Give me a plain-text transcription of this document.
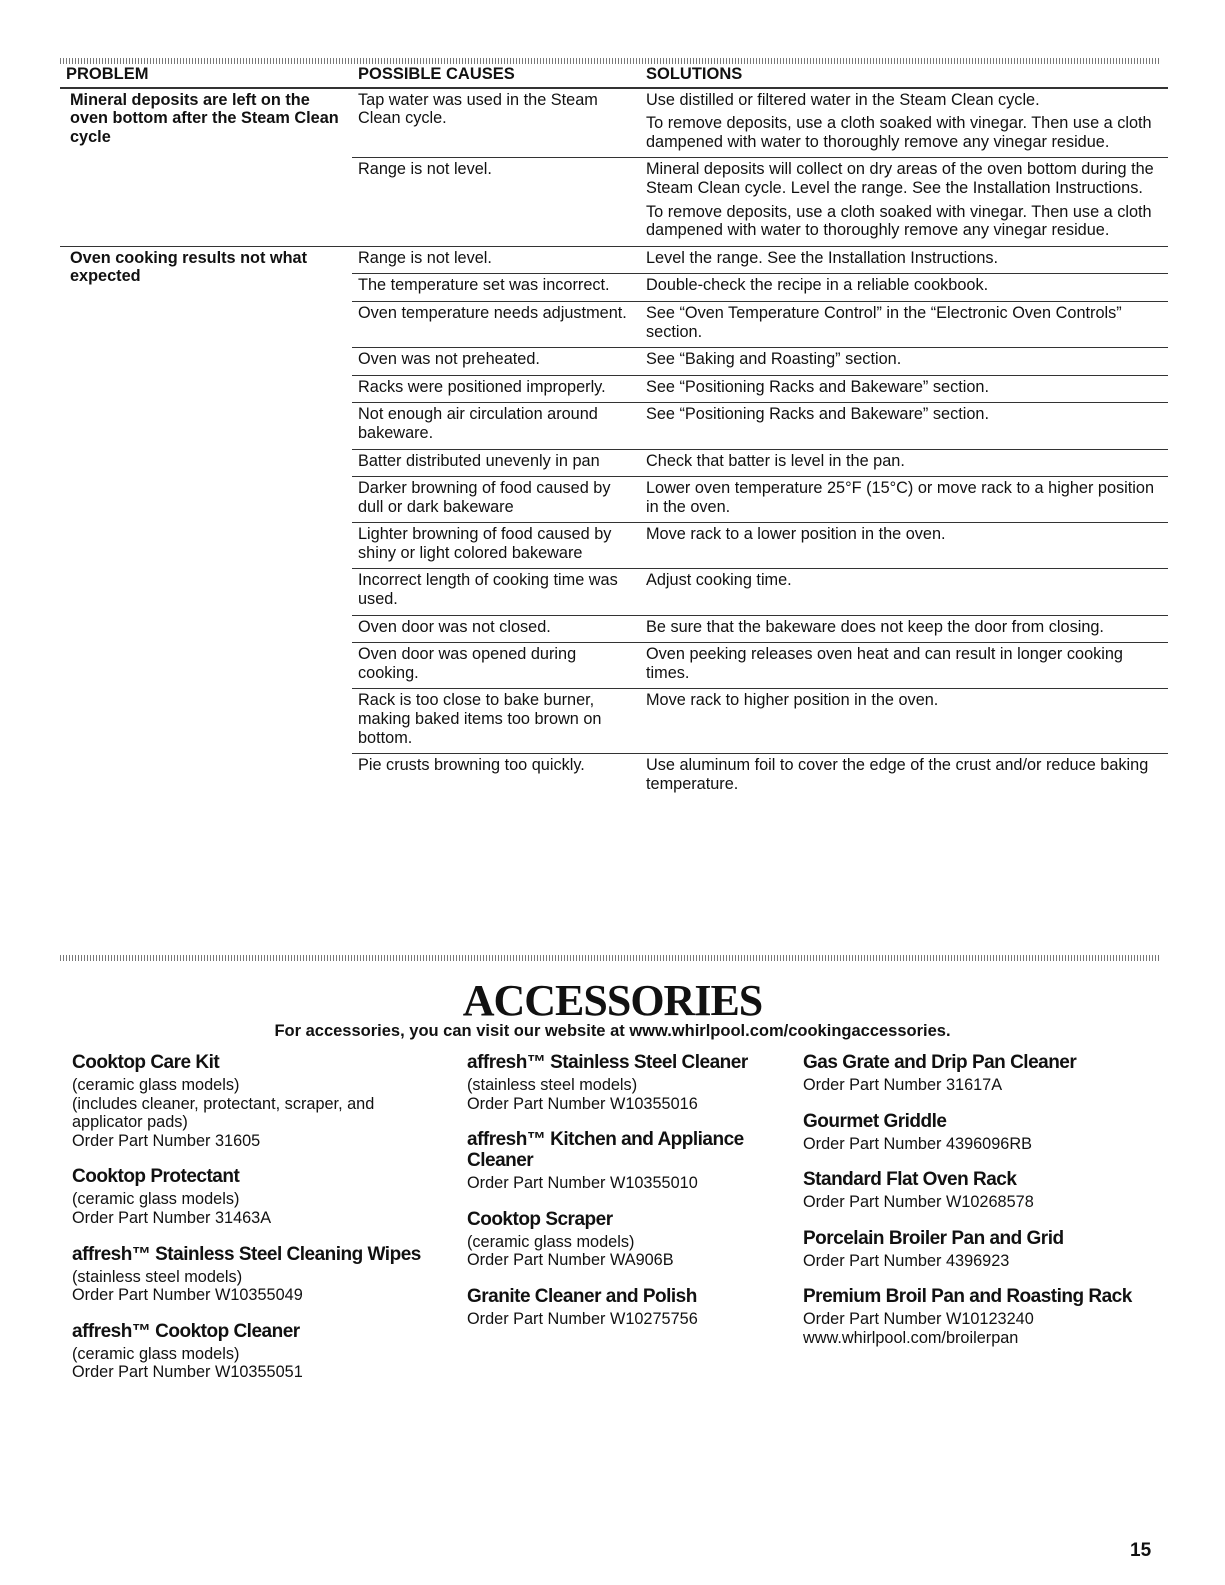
PROBLEM	POSSIBLE CAUSES	SOLUTIONS
Mineral deposits are left on the oven bottom after the Steam Clean cycle	Tap water was used in the Steam Clean cycle.	Use distilled or filtered water in the Steam Clean cycle.

To remove deposits, use a cloth soaked with vinegar. Then use a cloth dampened with water to thoroughly remove any vinegar residue.

	Range is not level.	Mineral deposits will collect on dry areas of the oven bottom during the Steam Clean cycle. Level the range. See the Installation Instructions.

To remove deposits, use a cloth soaked with vinegar. Then use a cloth dampened with water to thoroughly remove any vinegar residue.

Oven cooking results not what expected	Range is not level.	Level the range. See the Installation Instructions.

	The temperature set was incorrect.	Double-check the recipe in a reliable cookbook.

	Oven temperature needs adjustment.	See “Oven Temperature Control” in the “Electronic Oven Controls” section.

	Oven was not preheated.	See “Baking and Roasting” section.

	Racks were positioned improperly.	See “Positioning Racks and Bakeware” section.

	Not enough air circulation around bakeware.	See “Positioning Racks and Bakeware” section.

	Batter distributed unevenly in pan	Check that batter is level in the pan.

	Darker browning of food caused by dull or dark bakeware	Lower oven temperature 25°F (15°C) or move rack to a higher position in the oven.

	Lighter browning of food caused by shiny or light colored bakeware	Move rack to a lower position in the oven.

	Incorrect length of cooking time was used.	Adjust cooking time.

	Oven door was not closed.	Be sure that the bakeware does not keep the door from closing.

	Oven door was opened during cooking.	Oven peeking releases oven heat and can result in longer cooking times.

	Rack is too close to bake burner, making baked items too brown on bottom.	Move rack to higher position in the oven.

	Pie crusts browning too quickly.	Use aluminum foil to cover the edge of the crust and/or reduce baking temperature.

ACCESSORIES
For accessories, you can visit our website at www.whirlpool.com/cookingaccessories.
Cooktop Care Kit
(ceramic glass models)
(includes cleaner, protectant, scraper, and applicator pads)
Order Part Number 31605
Cooktop Protectant
(ceramic glass models)
Order Part Number 31463A
affresh™ Stainless Steel Cleaning Wipes
(stainless steel models)
Order Part Number W10355049
affresh™ Cooktop Cleaner
(ceramic glass models)
Order Part Number W10355051
affresh™ Stainless Steel Cleaner
(stainless steel models)
Order Part Number W10355016
affresh™ Kitchen and Appliance Cleaner
Order Part Number W10355010
Cooktop Scraper
(ceramic glass models)
Order Part Number WA906B
Granite Cleaner and Polish
Order Part Number W10275756
Gas Grate and Drip Pan Cleaner
Order Part Number 31617A
Gourmet Griddle
Order Part Number 4396096RB
Standard Flat Oven Rack
Order Part Number W10268578
Porcelain Broiler Pan and Grid
Order Part Number 4396923
Premium Broil Pan and Roasting Rack
Order Part Number W10123240
www.whirlpool.com/broilerpan
15
